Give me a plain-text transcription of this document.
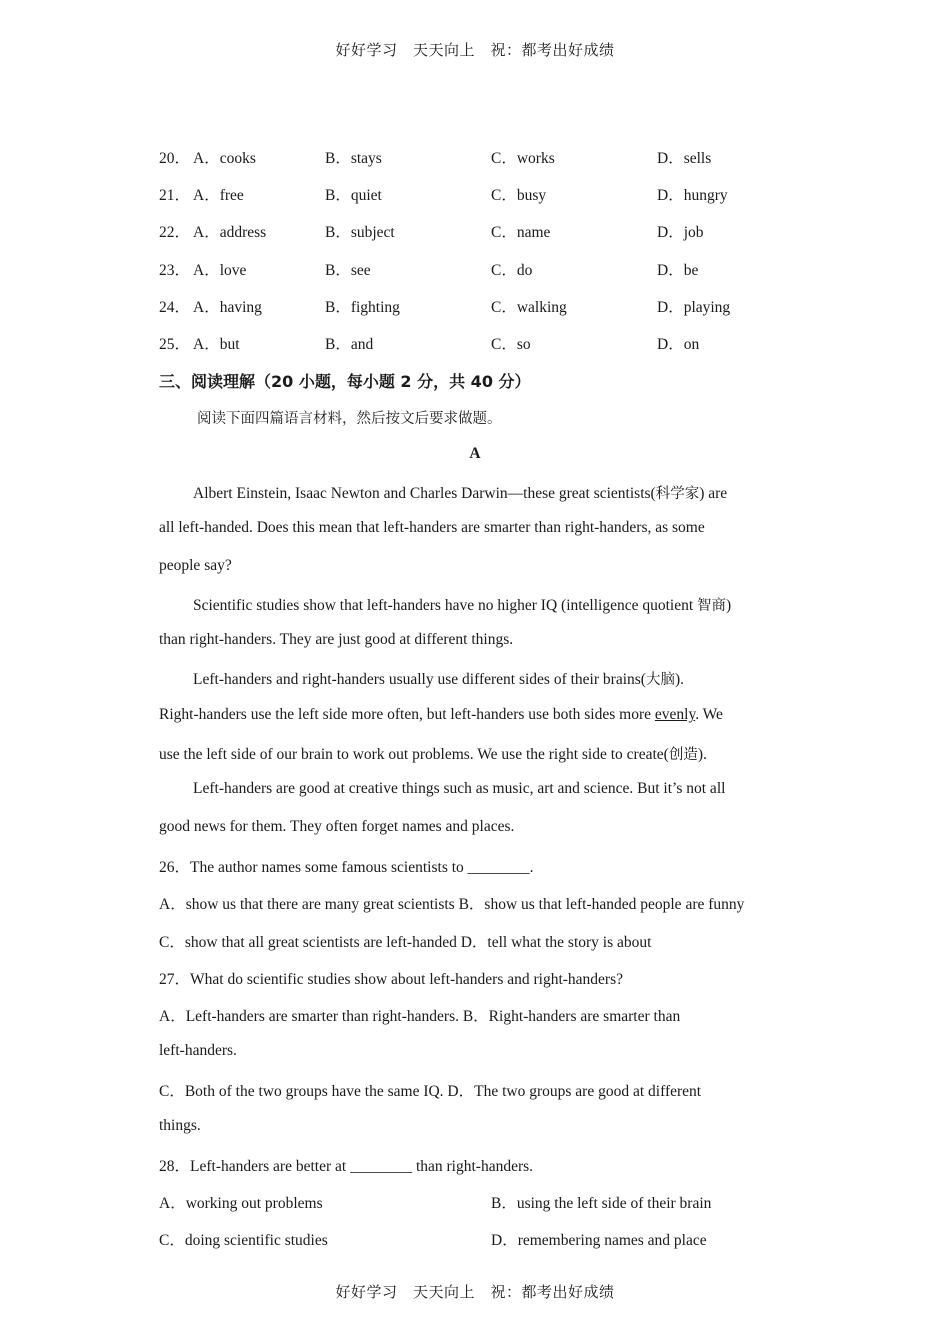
好好学习　天天向上　祝：都考出好成绩
20． A．cooks	B．stays	C．works	D．sells
21． A．free	B．quiet	C．busy	D．hungry
22． A．address	B．subject	C．name	D．job
23． A．love	B．see	C．do	D．be
24． A．having	B．fighting	C．walking	D．playing
25． A．but	B．and	C．so	D．on
三、阅读理解（20 小题，每小题 2 分，共 40 分）
阅读下面四篇语言材料，然后按文后要求做题。
A
Albert Einstein, Isaac Newton and Charles Darwin—these great scientists(科学家) are
all left-handed. Does this mean that left-handers are smarter than right-handers, as some
people say?
Scientific studies show that left-handers have no higher IQ (intelligence quotient 智商)
than right-handers. They are just good at different things.
Left-handers and right-handers usually use different sides of their brains(大脑).
Right-handers use the left side more often, but left-handers use both sides more evenly. We
use the left side of our brain to work out problems. We use the right side to create(创造).
Left-handers are good at creative things such as music, art and science. But it’s not all
good news for them. They often forget names and places.
26．The author names some famous scientists to ________.
A．show us that there are many great scientists B．show us that left-handed people are funny
C．show that all great scientists are left-handed D．tell what the story is about
27．What do scientific studies show about left-handers and right-handers?
A．Left-handers are smarter than right-handers. B．Right-handers are smarter than
left-handers.
C．Both of the two groups have the same IQ. D．The two groups are good at different
things.
28．Left-handers are better at ________ than right-handers.
A．working out problems	B．using the left side of their brain
C．doing scientific studies	D．remembering names and place
好好学习　天天向上　祝：都考出好成绩
